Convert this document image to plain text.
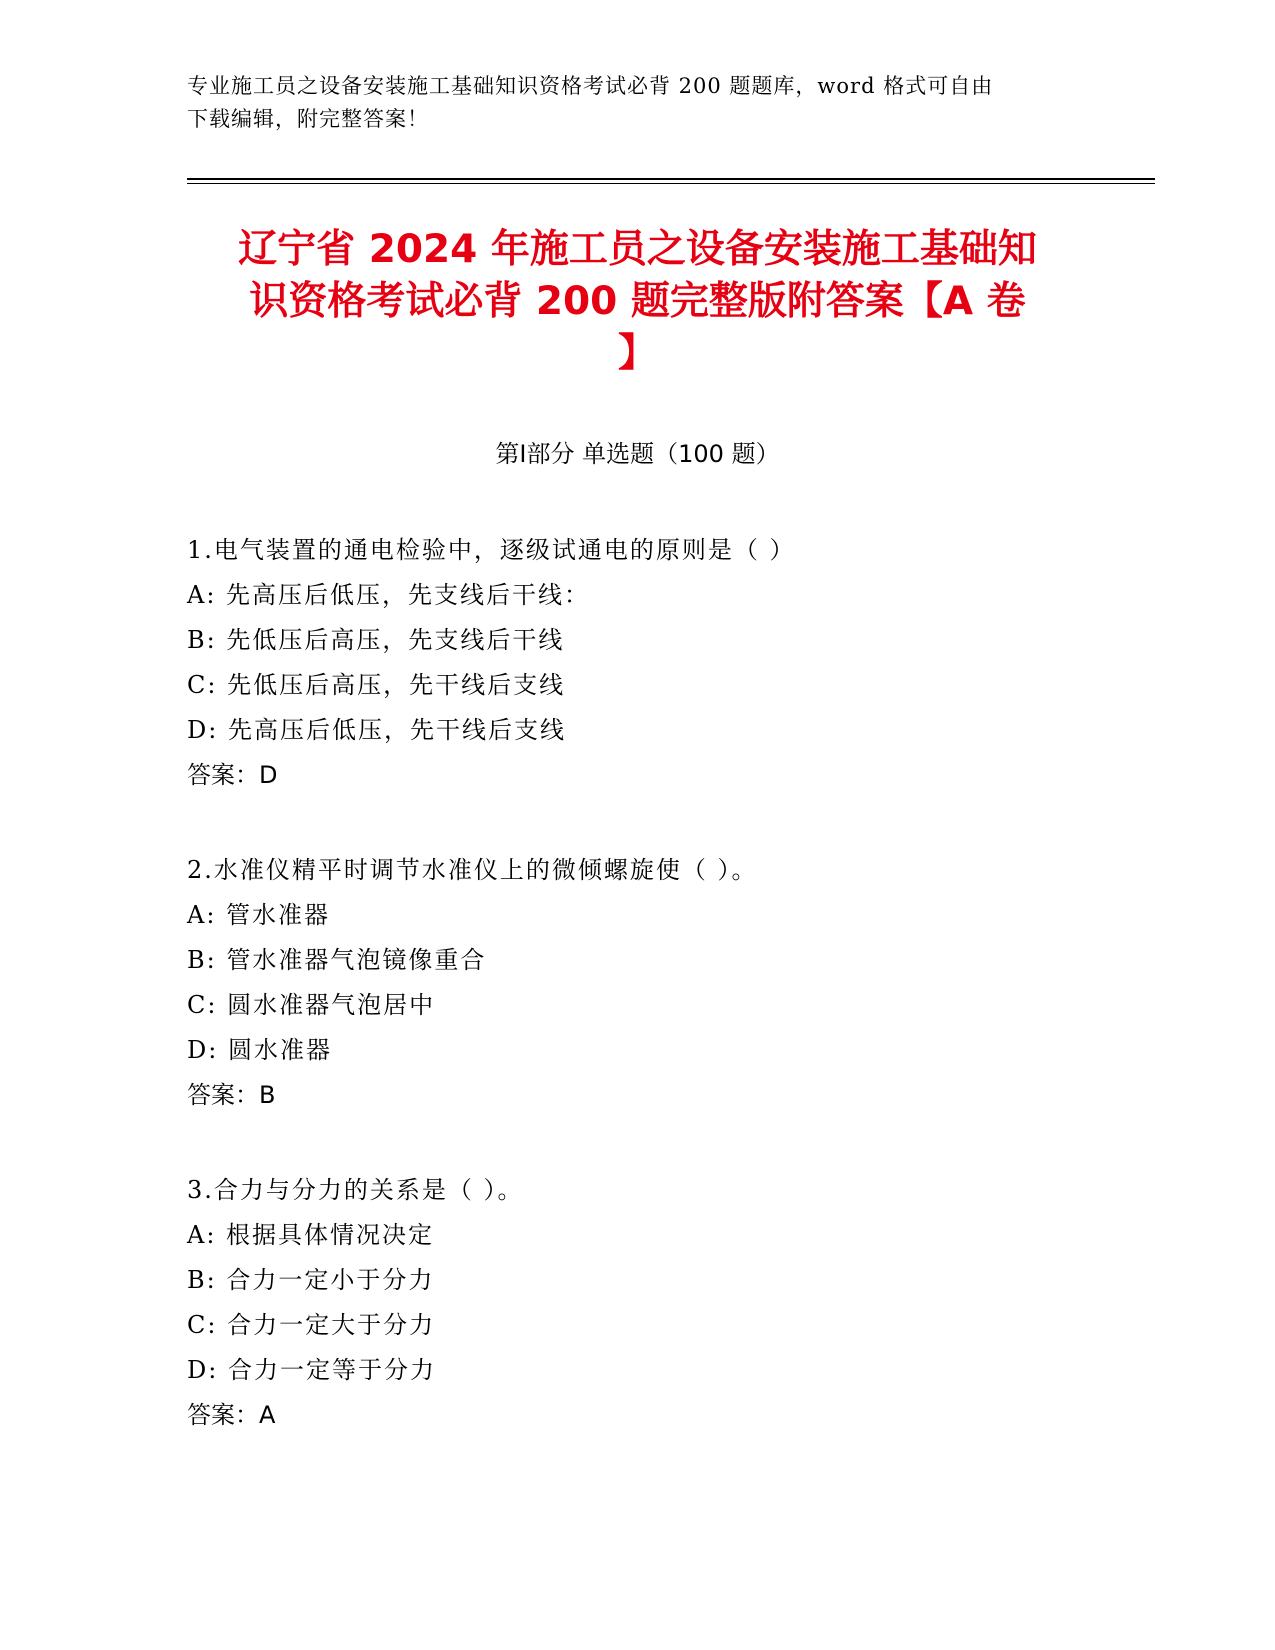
专业施工员之设备安装施工基础知识资格考试必背 200 题题库，word 格式可自由
下载编辑，附完整答案！
辽宁省 2024 年施工员之设备安装施工基础知
识资格考试必背 200 题完整版附答案【A 卷
】
第Ⅰ部分 单选题（100 题）
1.电气装置的通电检验中，逐级试通电的原则是（ ）
A: 先高压后低压，先支线后干线：
B: 先低压后高压，先支线后干线
C: 先低压后高压，先干线后支线
D: 先高压后低压，先干线后支线
答案：D
2.水准仪精平时调节水准仪上的微倾螺旋使（ ）。
A: 管水准器
B: 管水准器气泡镜像重合
C: 圆水准器气泡居中
D: 圆水准器
答案：B
3.合力与分力的关系是（ ）。
A: 根据具体情况决定
B: 合力一定小于分力
C: 合力一定大于分力
D: 合力一定等于分力
答案：A
